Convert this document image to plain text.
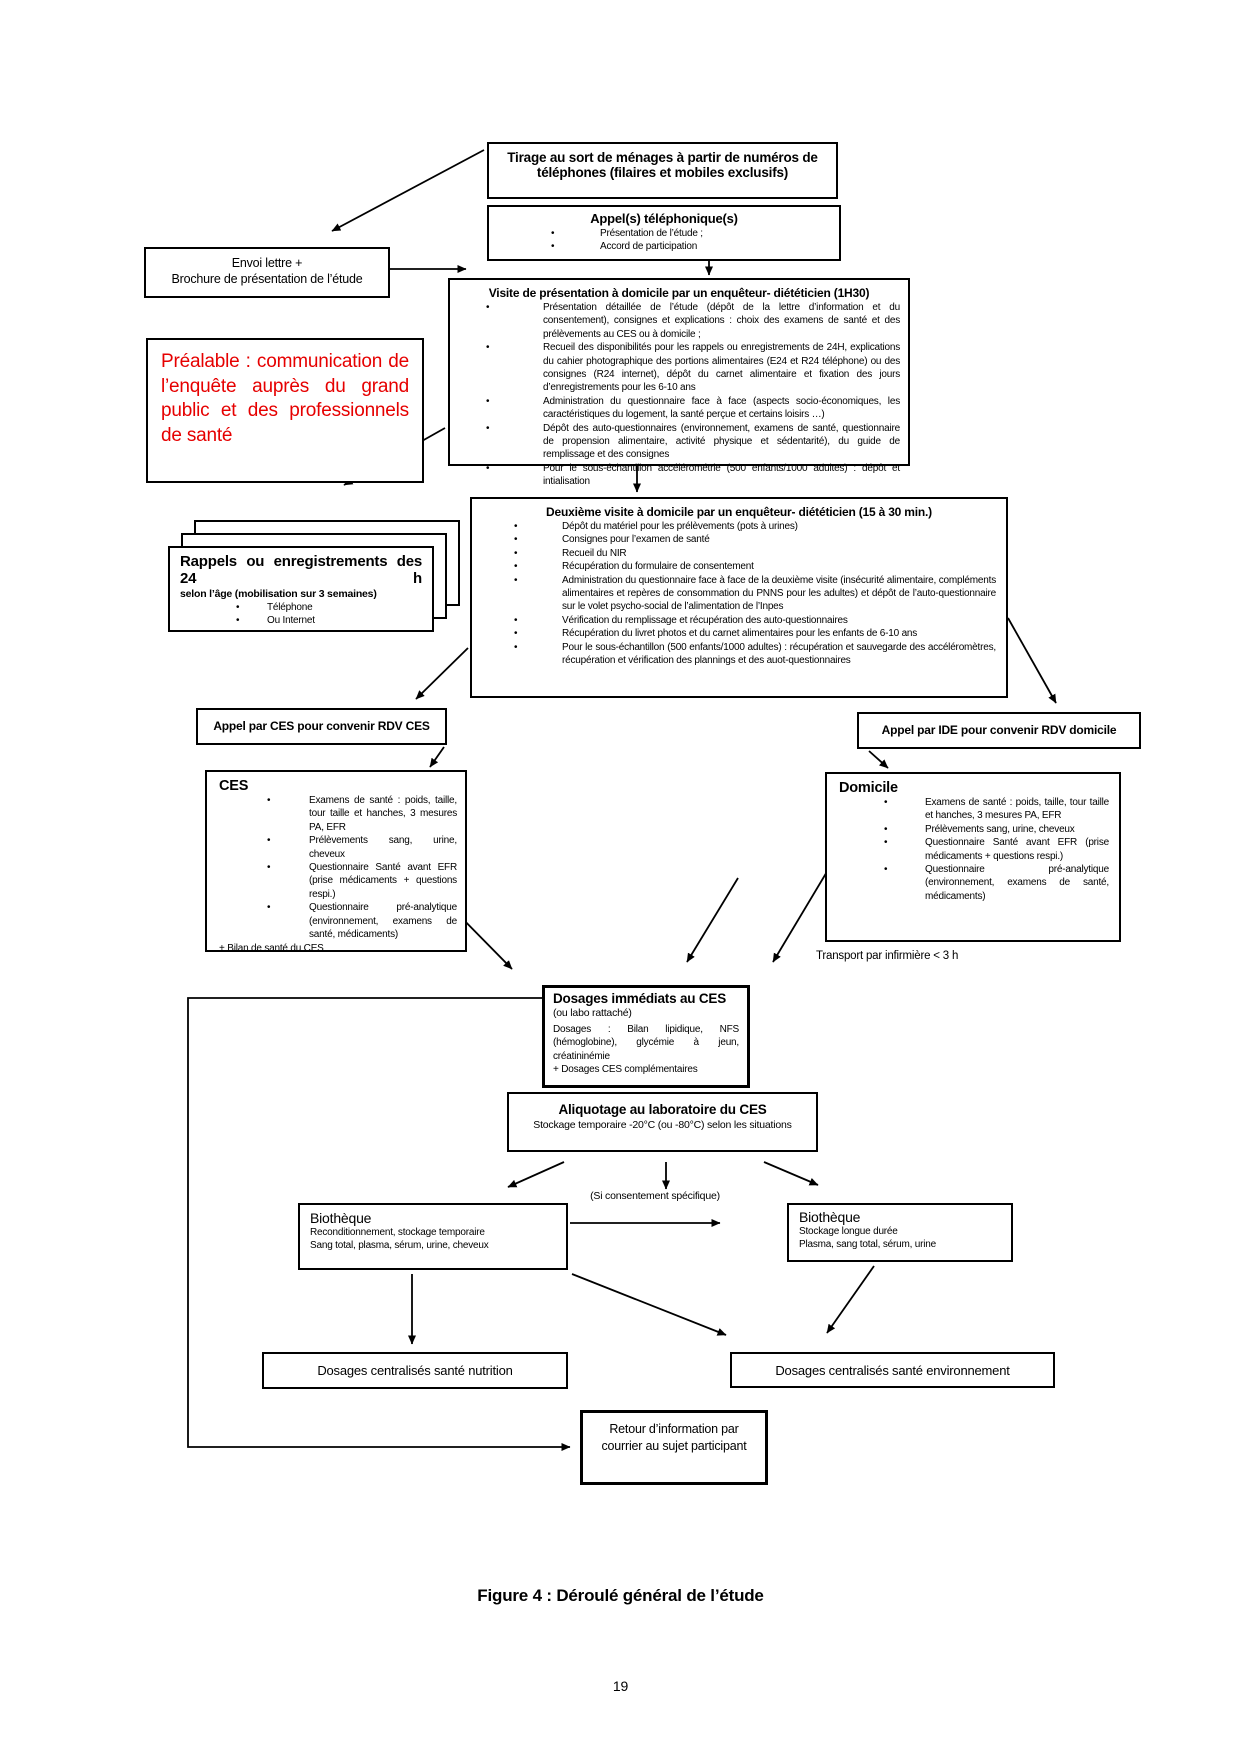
Tirage au sort de ménages à partir de numéros de téléphones (filaires et mobiles exclusifs)
Appel(s) téléphonique(s)
• Présentation de l’étude ;
• Accord de participation
Envoi lettre +
Brochure de présentation de l’étude
Visite de présentation à domicile par un enquêteur- diététicien (1H30)
• Présentation détaillée de l’étude (dépôt de la lettre d’information et du consentement), consignes et explications : choix des examens de santé et des prélèvements au CES ou à domicile ;
• Recueil des disponibilités pour les rappels ou enregistrements de 24H, explications du cahier photographique des portions alimentaires (E24 et R24 téléphone) ou des consignes (R24 internet), dépôt du carnet alimentaire et fixation des jours d’enregistrements pour les 6-10 ans
• Administration du questionnaire face à face (aspects socio-économiques, les caractéristiques du logement, la santé perçue et certains loisirs …)
• Dépôt des auto-questionnaires (environnement, examens de santé, questionnaire de propension alimentaire, activité physique et sédentarité), du guide de remplissage et des consignes
• Pour le sous-échantillon accélérométrie (500 enfants/1000 adultes) : dépôt et intialisation
Préalable : communication de l’enquête auprès du grand public et des professionnels de santé
Deuxième visite à domicile par un enquêteur- diététicien (15 à 30 min.)
• Dépôt du matériel pour les prélèvements (pots à urines)
• Consignes pour l’examen de santé
• Recueil du NIR
• Récupération du formulaire de consentement
• Administration du questionnaire face à face de la deuxième visite (insécurité alimentaire, compléments alimentaires et repères de consommation du PNNS pour les adultes) et dépôt de l’auto-questionnaire sur le volet psycho-social de l’alimentation de l’Inpes
• Vérification du remplissage et récupération des auto-questionnaires
• Récupération du livret photos et du carnet alimentaires pour les enfants de 6-10 ans
• Pour le sous-échantillon (500 enfants/1000 adultes) : récupération et sauvegarde des accéléromètres, récupération et vérification des plannings et des auot-questionnaires
Rappels ou enregistrements des 24 h
selon l’âge (mobilisation sur 3 semaines)
• Téléphone
• Ou Internet
Appel par CES pour convenir RDV CES	Appel par IDE pour convenir RDV domicile
CES
• Examens de santé : poids, taille, tour taille et hanches, 3 mesures PA, EFR
• Prélèvements sang, urine, cheveux
• Questionnaire Santé avant EFR (prise médicaments + questions respi.)
• Questionnaire pré-analytique (environnement, examens de santé, médicaments)
+ Bilan de santé du CES
Domicile
• Examens de santé : poids, taille, tour taille et hanches, 3 mesures PA, EFR
• Prélèvements sang, urine, cheveux
• Questionnaire Santé avant EFR (prise médicaments + questions respi.)
• Questionnaire pré-analytique (environnement, examens de santé, médicaments)
Transport par infirmière < 3 h
Dosages immédiats au CES (ou labo rattaché)
Dosages : Bilan lipidique, NFS (hémoglobine), glycémie à jeun, créatininémie
+ Dosages CES complémentaires
Aliquotage au laboratoire du CES
Stockage temporaire -20°C (ou -80°C) selon les situations
(Si consentement spécifique)
Biothèque
Reconditionnement, stockage temporaire
Sang total, plasma, sérum, urine, cheveux
Biothèque
Stockage longue durée
Plasma, sang total, sérum, urine
Dosages centralisés santé nutrition	Dosages centralisés santé environnement
Retour d’information par courrier au sujet participant
Figure 4 : Déroulé général de l’étude
19
